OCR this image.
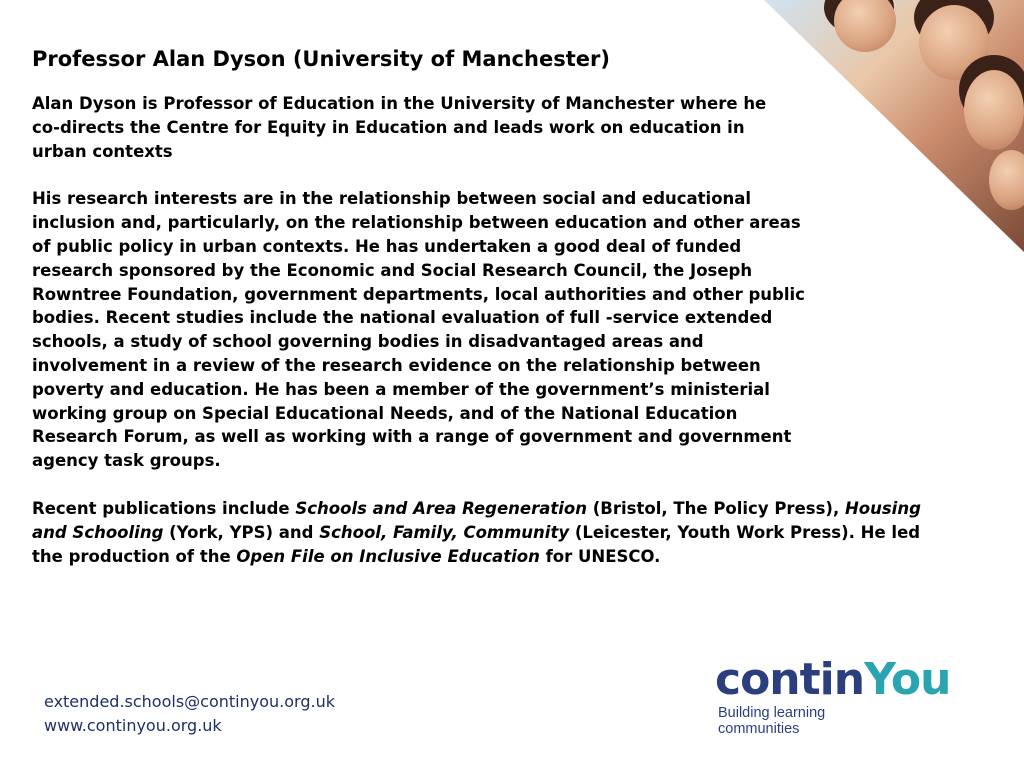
Professor Alan Dyson (University of Manchester)

Alan Dyson is Professor of Education in the University of Manchester where he co-directs the Centre for Equity in Education and leads work on education in urban contexts

His research interests are in the relationship between social and educational inclusion and, particularly, on the relationship between education and other areas of public policy in urban contexts. He has undertaken a good deal of funded research sponsored by the Economic and Social Research Council, the Joseph Rowntree Foundation, government departments, local authorities and other public bodies. Recent studies include the national evaluation of full -service extended schools, a study of school governing bodies in disadvantaged areas and involvement in a review of the research evidence on the relationship between poverty and education. He has been a member of the government’s ministerial working group on Special Educational Needs, and of the National Education Research Forum, as well as working with a range of government and government agency task groups.

Recent publications include Schools and Area Regeneration (Bristol, The Policy Press), Housing and Schooling (York, YPS) and School, Family, Community (Leicester, Youth Work Press). He led the production of the Open File on Inclusive Education for UNESCO.

extended.schools@continyou.org.uk
www.continyou.org.uk
continYou
Building learning
communities
